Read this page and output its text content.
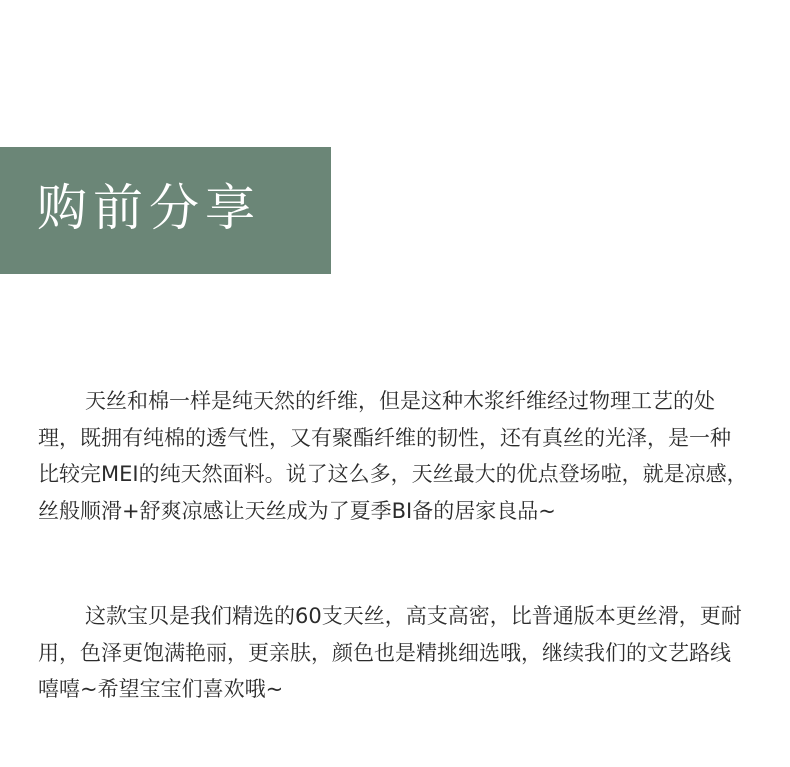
购前分享

天丝和棉一样是纯天然的纤维，但是这种木浆纤维经过物理工艺的处理，既拥有纯棉的透气性，又有聚酯纤维的韧性，还有真丝的光泽，是一种比较完MEI的纯天然面料。说了这么多，天丝最大的优点登场啦，就是凉感，丝般顺滑+舒爽凉感让天丝成为了夏季BI备的居家良品~

这款宝贝是我们精选的60支天丝，高支高密，比普通版本更丝滑，更耐用，色泽更饱满艳丽，更亲肤，颜色也是精挑细选哦，继续我们的文艺路线嘻嘻~希望宝宝们喜欢哦~
